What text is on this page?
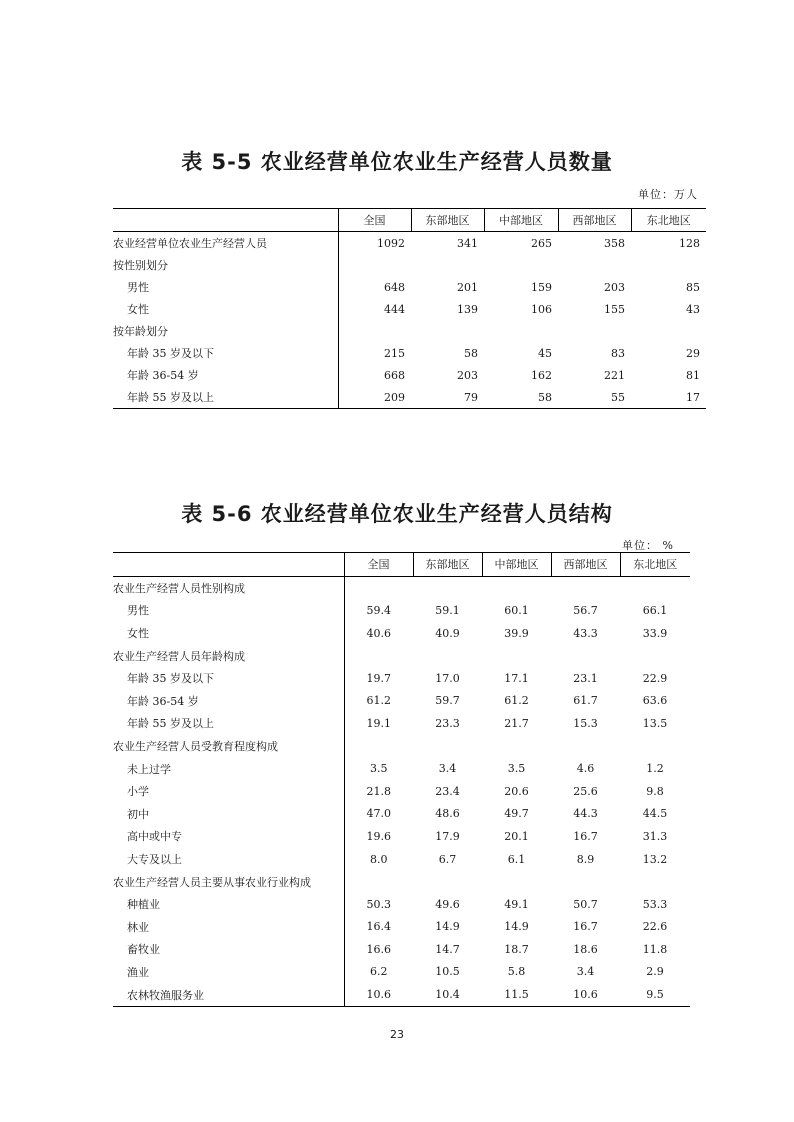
表 5-5 农业经营单位农业生产经营人员数量
单位：万人
	全国	东部地区	中部地区	西部地区	东北地区
农业经营单位农业生产经营人员	1092	341	265	358	128
按性别划分					
男性	648	201	159	203	85
女性	444	139	106	155	43
按年龄划分					
年龄 35 岁及以下	215	58	45	83	29
年龄 36-54 岁	668	203	162	221	81
年龄 55 岁及以上	209	79	58	55	17
表 5-6 农业经营单位农业生产经营人员结构
单位： %
	全国	东部地区	中部地区	西部地区	东北地区
农业生产经营人员性别构成					
男性	59.4	59.1	60.1	56.7	66.1
女性	40.6	40.9	39.9	43.3	33.9
农业生产经营人员年龄构成					
年龄 35 岁及以下	19.7	17.0	17.1	23.1	22.9
年龄 36-54 岁	61.2	59.7	61.2	61.7	63.6
年龄 55 岁及以上	19.1	23.3	21.7	15.3	13.5
农业生产经营人员受教育程度构成					
未上过学	3.5	3.4	3.5	4.6	1.2
小学	21.8	23.4	20.6	25.6	9.8
初中	47.0	48.6	49.7	44.3	44.5
高中或中专	19.6	17.9	20.1	16.7	31.3
大专及以上	8.0	6.7	6.1	8.9	13.2
农业生产经营人员主要从事农业行业构成					
种植业	50.3	49.6	49.1	50.7	53.3
林业	16.4	14.9	14.9	16.7	22.6
畜牧业	16.6	14.7	18.7	18.6	11.8
渔业	6.2	10.5	5.8	3.4	2.9
农林牧渔服务业	10.6	10.4	11.5	10.6	9.5
23
